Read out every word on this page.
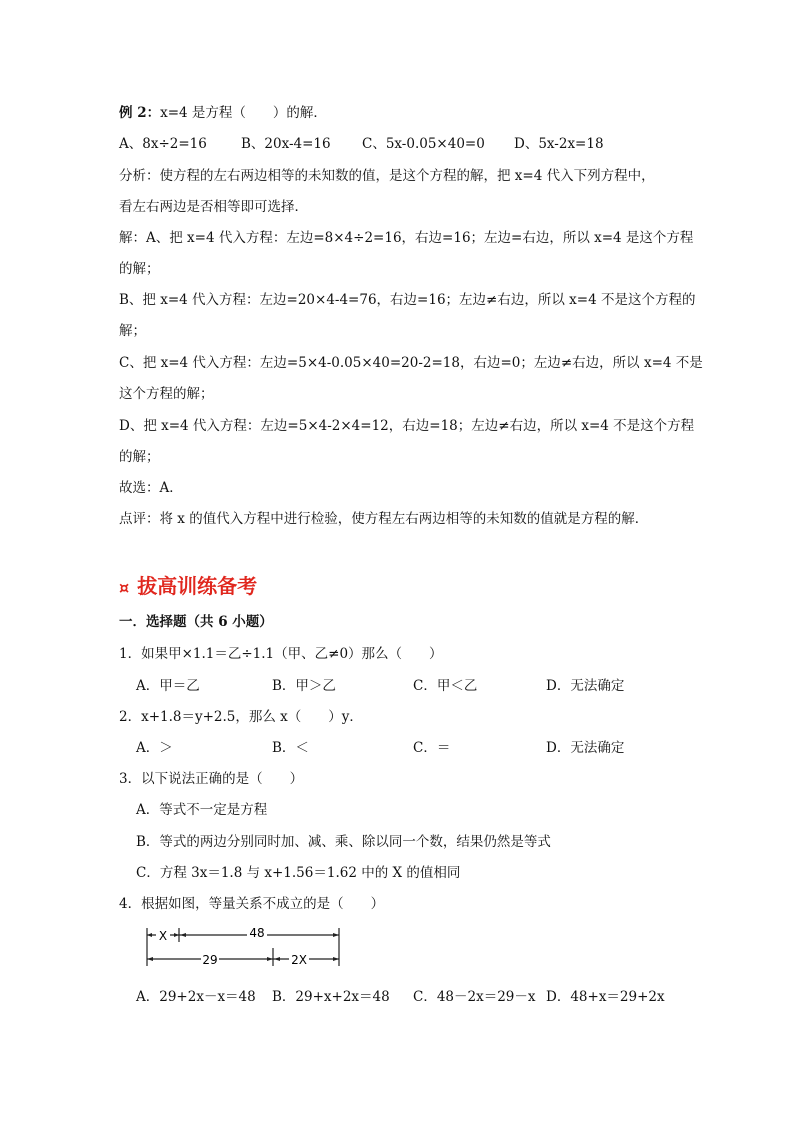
例 2：x=4 是方程（　　）的解．
A、8x÷2=16	B、20x-4=16 C、5x-0.05×40=0 D、5x-2x=18
分析：使方程的左右两边相等的未知数的值，是这个方程的解，把 x=4 代入下列方程中，
看左右两边是否相等即可选择．
解：A、把 x=4 代入方程：左边=8×4÷2=16，右边=16；左边=右边，所以 x=4 是这个方程
的解；
B、把 x=4 代入方程：左边=20×4-4=76，右边=16；左边≠右边，所以 x=4 不是这个方程的
解；
C、把 x=4 代入方程：左边=5×4-0.05×40=20-2=18，右边=0；左边≠右边，所以 x=4 不是
这个方程的解；
D、把 x=4 代入方程：左边=5×4-2×4=12，右边=18；左边≠右边，所以 x=4 不是这个方程
的解；
故选：A．
点评：将 x 的值代入方程中进行检验，使方程左右两边相等的未知数的值就是方程的解．
¤ 拔高训练备考
一．选择题（共 6 小题）
1．如果甲×1.1＝乙÷1.1（甲、乙≠0）那么（　　）
A．甲＝乙	B．甲＞乙	C．甲＜乙	D．无法确定
2．x+1.8＝y+2.5，那么 x（　　）y．
A．＞	B．＜	C．＝	D．无法确定
3．以下说法正确的是（　　）
A．等式不一定是方程
B．等式的两边分别同时加、减、乘、除以同一个数，结果仍然是等式
C．方程 3x＝1.8 与 x+1.56＝1.62 中的 X 的值相同
4．根据如图，等量关系不成立的是（　　）
X	48
29	2X
A．29+2x－x＝48 B．29+x+2x＝48 C．48－2x＝29－x D．48+x＝29+2x
